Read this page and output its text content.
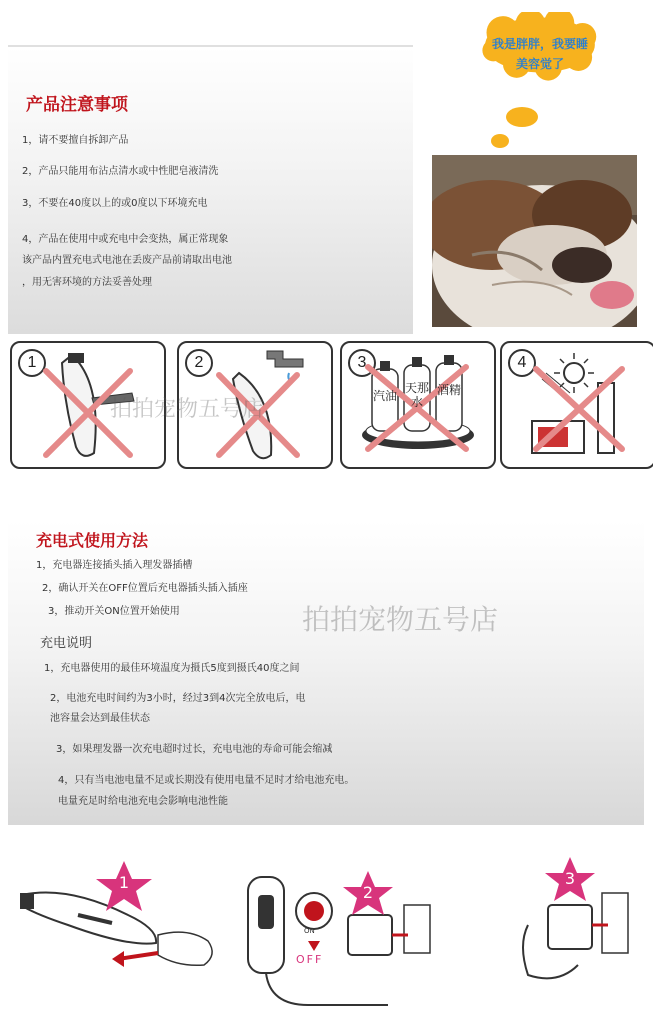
产品注意事项
1，请不要擅自拆卸产品
2，产品只能用布沾点清水或中性肥皂液清洗
3，不要在40度以上的或0度以下环境充电
4，产品在使用中或充电中会变热，属正常现象
该产品内置充电式电池在丢废产品前请取出电池
，用无害环境的方法妥善处理
我是胖胖，我要睡
美容觉了
1	2	3
汽油
天那水
酒精
4
拍拍宠物五号店
充电式使用方法
1，充电器连接插头插入理发器插槽
2，确认开关在OFF位置后充电器插头插入插座
3，推动开关ON位置开始使用	拍拍宠物五号店
充电说明
1，充电器使用的最佳环境温度为摄氏5度到摄氏40度之间
2，电池充电时间约为3小时，经过3到4次完全放电后，电
池容量会达到最佳状态
3，如果理发器一次充电超时过长，充电电池的寿命可能会缩减
4，只有当电池电量不足或长期没有使用电量不足时才给电池充电。
电量充足时给电池充电会影响电池性能
1
2
3
ON
OFF
